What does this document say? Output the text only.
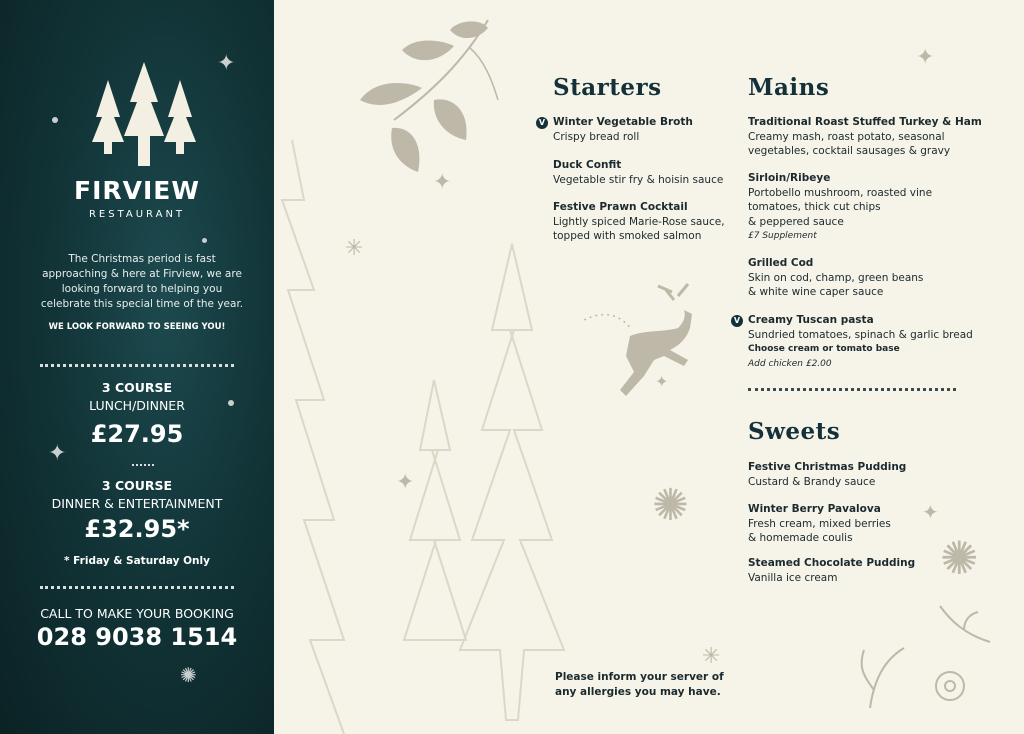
FIRVIEW
RESTAURANT
The Christmas period is fast approaching & here at Firview, we are looking forward to helping you celebrate this special time of the year.
WE LOOK FORWARD TO SEEING YOU!
3 COURSE
LUNCH/DINNER
£27.95
3 COURSE
DINNER & ENTERTAINMENT
£32.95*
* Friday & Saturday Only
CALL TO MAKE YOUR BOOKING
028 9038 1514
✦
✦
✺
✦
✦
✳
✦	✺
✺
✦
✳
✦
Starters
V Winter Vegetable Broth
Crispy bread roll
Duck Confit
Vegetable stir fry & hoisin sauce
Festive Prawn Cocktail
Lightly spiced Marie-Rose sauce,
topped with smoked salmon
Mains
Traditional Roast Stuffed Turkey & Ham
Creamy mash, roast potato, seasonal
vegetables, cocktail sausages & gravy
Sirloin/Ribeye
Portobello mushroom, roasted vine
tomatoes, thick cut chips
& peppered sauce
£7 Supplement
Grilled Cod
Skin on cod, champ, green beans
& white wine caper sauce
V Creamy Tuscan pasta
Sundried tomatoes, spinach & garlic bread
Choose cream or tomato base
Add chicken £2.00
Sweets
Festive Christmas Pudding
Custard & Brandy sauce
Winter Berry Pavalova
Fresh cream, mixed berries
& homemade coulis
Steamed Chocolate Pudding
Vanilla ice cream
Please inform your server of
any allergies you may have.
